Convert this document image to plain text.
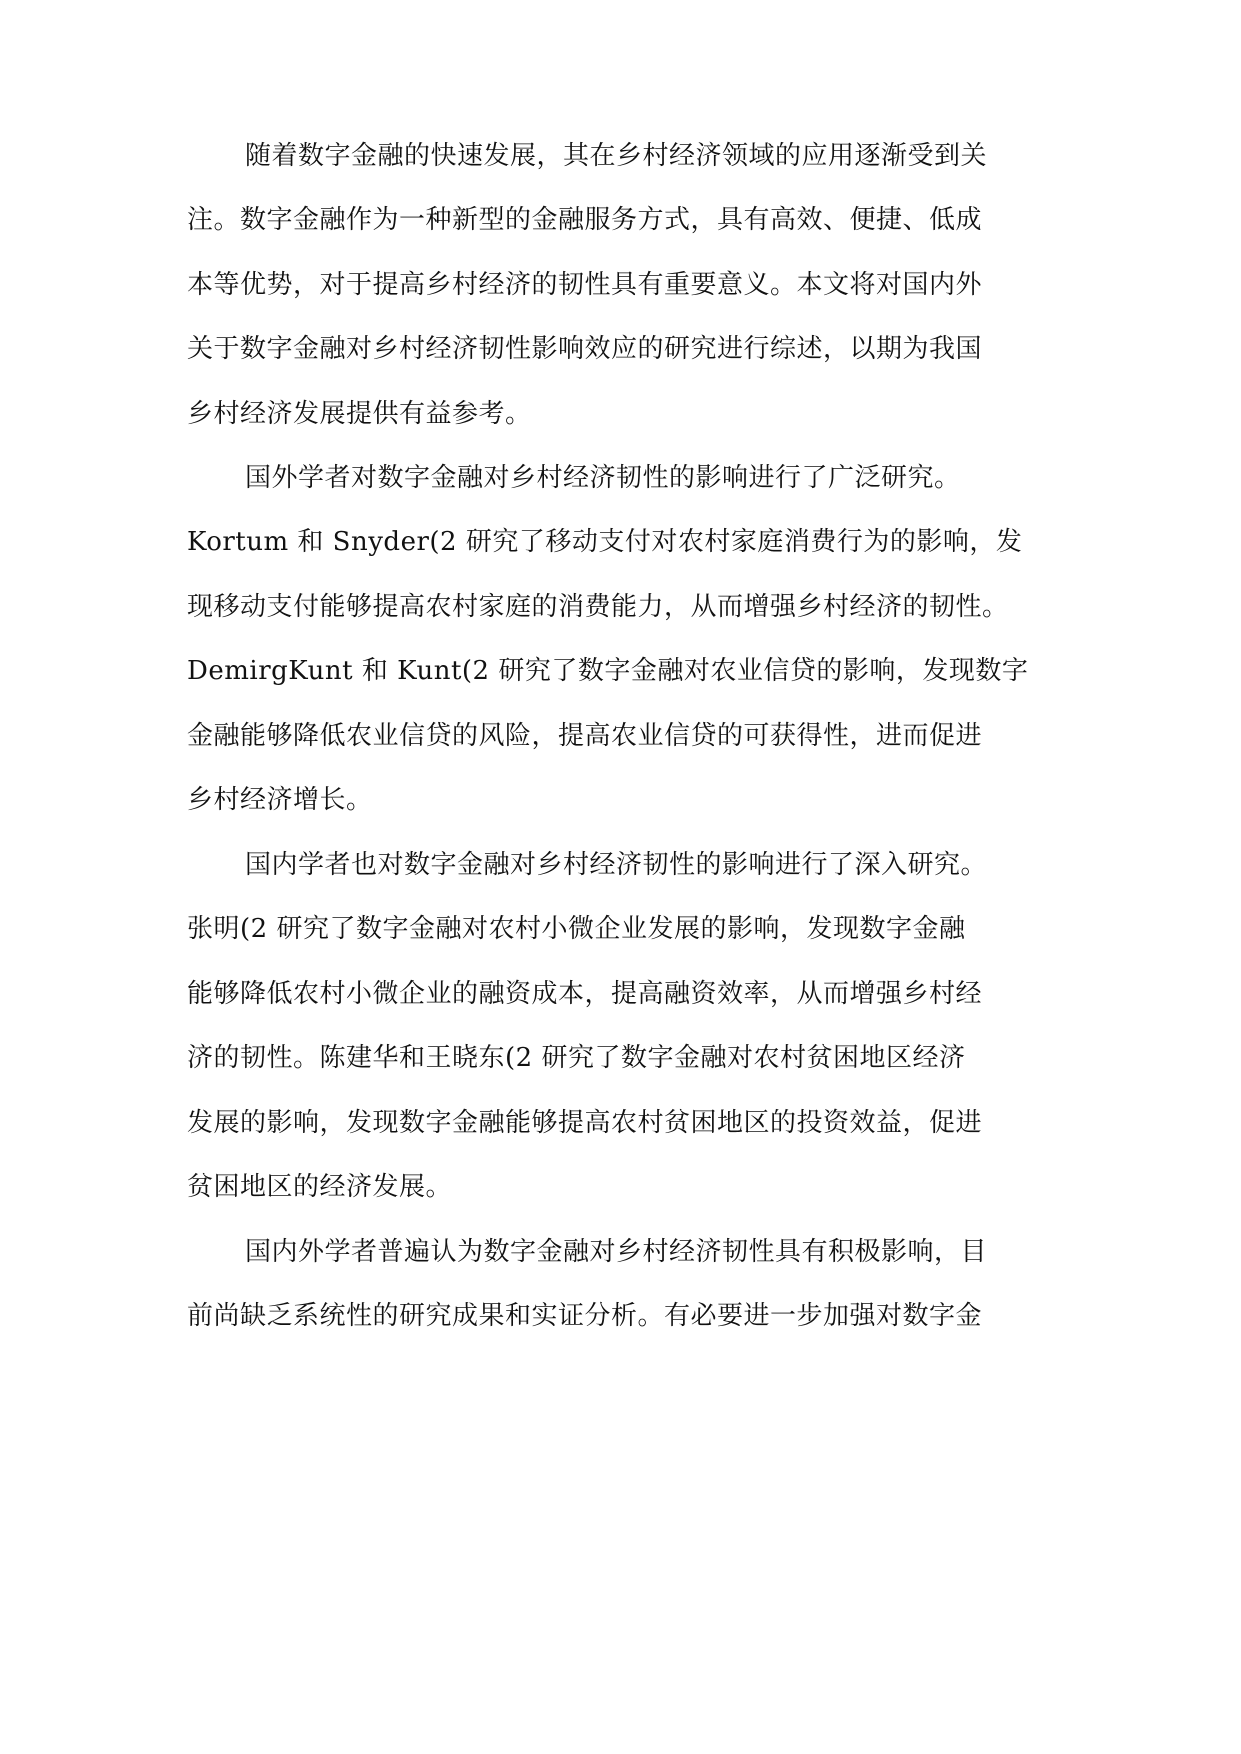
随着数字金融的快速发展，其在乡村经济领域的应用逐渐受到关
注。数字金融作为一种新型的金融服务方式，具有高效、便捷、低成
本等优势，对于提高乡村经济的韧性具有重要意义。本文将对国内外
关于数字金融对乡村经济韧性影响效应的研究进行综述，以期为我国
乡村经济发展提供有益参考。
国外学者对数字金融对乡村经济韧性的影响进行了广泛研究。
Kortum 和 Snyder(2 研究了移动支付对农村家庭消费行为的影响，发
现移动支付能够提高农村家庭的消费能力，从而增强乡村经济的韧性。
DemirgKunt 和 Kunt(2 研究了数字金融对农业信贷的影响，发现数字
金融能够降低农业信贷的风险，提高农业信贷的可获得性，进而促进
乡村经济增长。
国内学者也对数字金融对乡村经济韧性的影响进行了深入研究。
张明(2 研究了数字金融对农村小微企业发展的影响，发现数字金融
能够降低农村小微企业的融资成本，提高融资效率，从而增强乡村经
济的韧性。陈建华和王晓东(2 研究了数字金融对农村贫困地区经济
发展的影响，发现数字金融能够提高农村贫困地区的投资效益，促进
贫困地区的经济发展。
国内外学者普遍认为数字金融对乡村经济韧性具有积极影响，目
前尚缺乏系统性的研究成果和实证分析。有必要进一步加强对数字金
